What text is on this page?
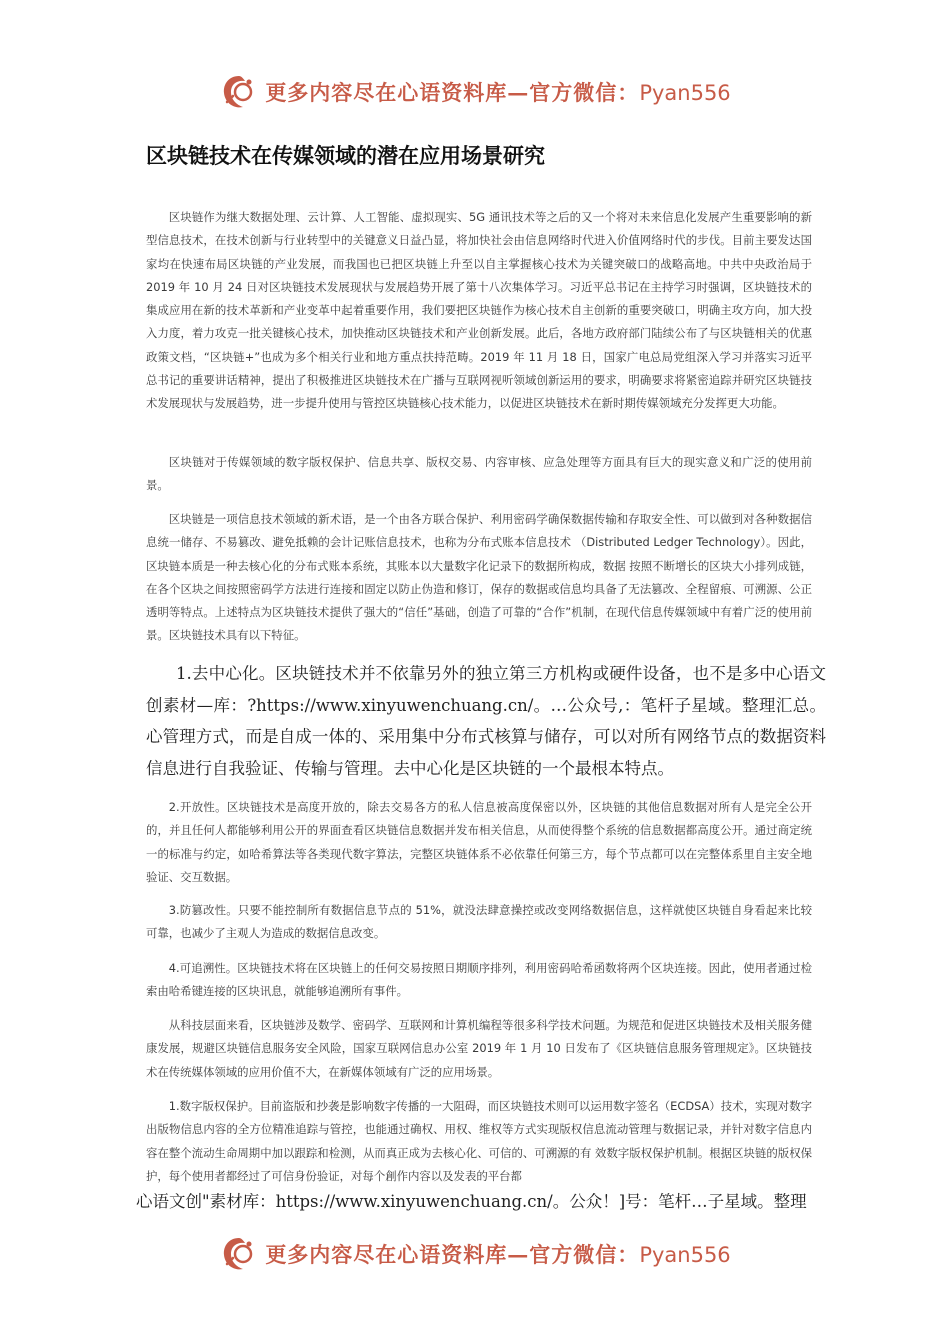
更多内容尽在心语资料库—官方微信：Pyan556
区块链技术在传媒领域的潜在应用场景研究

区块链作为继大数据处理、云计算、人工智能、虚拟现实、5G 通讯技术等之后的又一个将对未来信息化发展产生重要影响的新型信息技术，在技术创新与行业转型中的关键意义日益凸显，将加快社会由信息网络时代进入价值网络时代的步伐。目前主要发达国家均在快速布局区块链的产业发展，而我国也已把区块链上升至以自主掌握核心技术为关键突破口的战略高地。中共中央政治局于 2019 年 10 月 24 日对区块链技术发展现状与发展趋势开展了第十八次集体学习。习近平总书记在主持学习时强调，区块链技术的集成应用在新的技术革新和产业变革中起着重要作用，我们要把区块链作为核心技术自主创新的重要突破口，明确主攻方向，加大投入力度，着力攻克一批关键核心技术，加快推动区块链技术和产业创新发展。此后，各地方政府部门陆续公布了与区块链相关的优惠政策文档，“区块链+”也成为多个相关行业和地方重点扶持范畴。2019 年 11 月 18 日，国家广电总局党组深入学习并落实习近平总书记的重要讲话精神，提出了积极推进区块链技术在广播与互联网视听领域创新运用的要求，明确要求将紧密追踪并研究区块链技术发展现状与发展趋势，进一步提升使用与管控区块链核心技术能力，以促进区块链技术在新时期传媒领域充分发挥更大功能。

区块链对于传媒领域的数字版权保护、信息共享、版权交易、内容审核、应急处理等方面具有巨大的现实意义和广泛的使用前景。

区块链是一项信息技术领域的新术语，是一个由各方联合保护、利用密码学确保数据传输和存取安全性、可以做到对各种数据信息统一储存、不易篡改、避免抵赖的会计记账信息技术，也称为分布式账本信息技术 （Distributed Ledger Technology）。因此，区块链本质是一种去核心化的分布式账本系统，其账本以大量数字化记录下的数据所构成，数据 按照不断增长的区块大小排列成链，在各个区块之间按照密码学方法进行连接和固定以防止伪造和修订，保存的数据或信息均具备了无法篡改、全程留痕、可溯源、公正透明等特点。上述特点为区块链技术提供了强大的“信任”基础，创造了可靠的“合作”机制，在现代信息传媒领域中有着广泛的使用前景。区块链技术具有以下特征。

1.去中心化。区块链技术并不依靠另外的独立第三方机构或硬件设备，也不是多中心语文创素材—库：?https://www.xinyuwenchuang.cn/。…公众号,：笔杆子星域。整理汇总。心管理方式，而是自成一体的、采用集中分布式核算与储存，可以对所有网络节点的数据资料信息进行自我验证、传输与管理。去中心化是区块链的一个最根本特点。

2.开放性。区块链技术是高度开放的，除去交易各方的私人信息被高度保密以外，区块链的其他信息数据对所有人是完全公开的，并且任何人都能够利用公开的界面查看区块链信息数据并发布相关信息，从而使得整个系统的信息数据都高度公开。通过商定统一的标准与约定，如哈希算法等各类现代数字算法，完整区块链体系不必依靠任何第三方，每个节点都可以在完整体系里自主安全地验证、交互数据。

3.防篡改性。只要不能控制所有数据信息节点的 51%，就没法肆意操控或改变网络数据信息，这样就使区块链自身看起来比较可靠，也减少了主观人为造成的数据信息改变。

4.可追溯性。区块链技术将在区块链上的任何交易按照日期顺序排列，利用密码哈希函数将两个区块连接。因此，使用者通过检索由哈希键连接的区块讯息，就能够追溯所有事件。

从科技层面来看，区块链涉及数学、密码学、互联网和计算机编程等很多科学技术问题。为规范和促进区块链技术及相关服务健康发展，规避区块链信息服务安全风险，国家互联网信息办公室 2019 年 1 月 10 日发布了《区块链信息服务管理规定》。区块链技术在传统媒体领域的应用价值不大，在新媒体领域有广泛的应用场景。

1.数字版权保护。目前盗版和抄袭是影响数字传播的一大阻碍，而区块链技术则可以运用数字签名（ECDSA）技术，实现对数字出版物信息内容的全方位精准追踪与管控，也能通过确权、用权、维权等方式实现版权信息流动管理与数据记录，并针对数字信息内容在整个流动生命周期中加以跟踪和检测，从而真正成为去核心化、可信的、可溯源的有 效数字版权保护机制。根据区块链的版权保护，每个使用者都经过了可信身份验证，对每个創作内容以及发表的平台都

心语文创"素材库：https://www.xinyuwenchuang.cn/。公众！]号：笔杆…子星域。整理
更多内容尽在心语资料库—官方微信：Pyan556
